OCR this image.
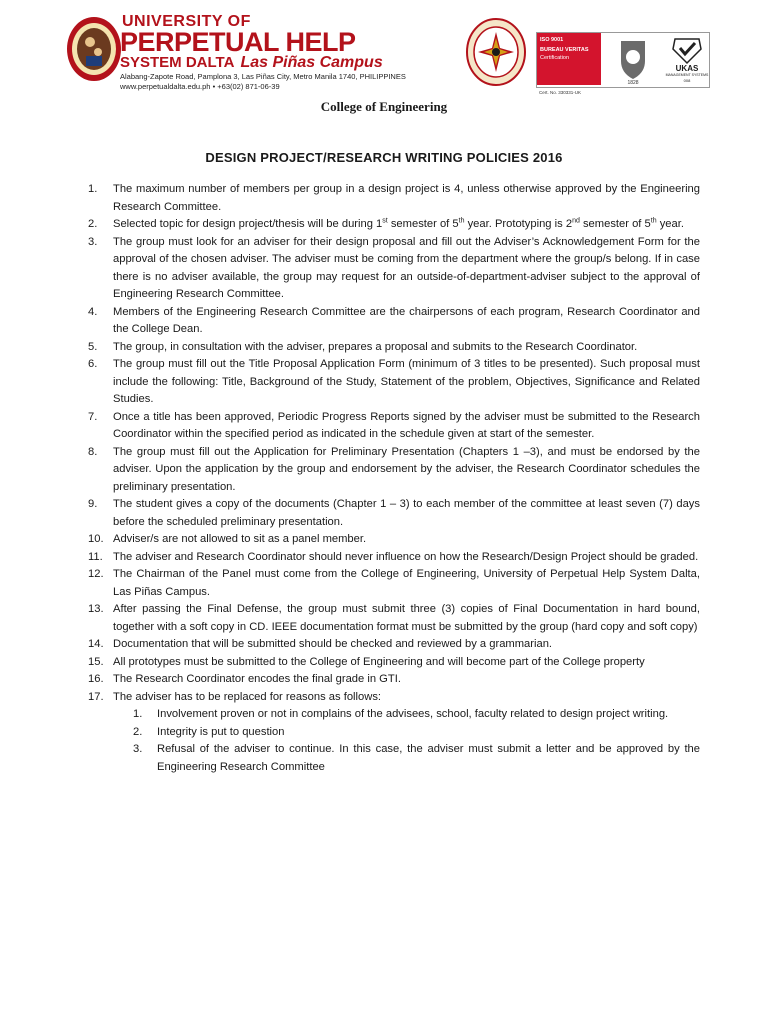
UNIVERSITY OF
PERPETUAL HELP
SYSTEM DALTA Las Piñas Campus
Alabang-Zapote Road, Pamplona 3, Las Piñas City, Metro Manila 1740, PHILIPPINES
www.perpetualdalta.edu.ph • +63(02) 871-06-39
ISO 9001
BUREAU VERITAS
Certification
Cert. No. 330331-UK
1828
UKAS
MANAGEMENT SYSTEMS
008
College of Engineering
DESIGN PROJECT/RESEARCH WRITING POLICIES 2016
1.	The maximum number of members per group in a design project is 4, unless otherwise approved by the Engineering Research Committee.
2.	Selected topic for design project/thesis will be during 1st semester of 5th year. Prototyping is 2nd semester of 5th year.
3.	The group must look for an adviser for their design proposal and fill out the Adviser’s Acknowledgement Form for the approval of the chosen adviser. The adviser must be coming from the department where the group/s belong. If in case there is no adviser available, the group may request for an outside-of-department-adviser subject to the approval of Engineering Research Committee.
4.	Members of the Engineering Research Committee are the chairpersons of each program, Research Coordinator and the College Dean.
5.	The group, in consultation with the adviser, prepares a proposal and submits to the Research Coordinator.
6.	The group must fill out the Title Proposal Application Form (minimum of 3 titles to be presented). Such proposal must include the following: Title, Background of the Study, Statement of the problem, Objectives, Significance and Related Studies.
7.	Once a title has been approved, Periodic Progress Reports signed by the adviser must be submitted to the Research Coordinator within the specified period as indicated in the schedule given at start of the semester.
8.	The group must fill out the Application for Preliminary Presentation (Chapters 1 –3), and must be endorsed by the adviser. Upon the application by the group and endorsement by the adviser, the Research Coordinator schedules the preliminary presentation.
9.	The student gives a copy of the documents (Chapter 1 – 3) to each member of the committee at least seven (7) days before the scheduled preliminary presentation.
10. Adviser/s are not allowed to sit as a panel member.
11. The adviser and Research Coordinator should never influence on how the Research/Design Project should be graded.
12. The Chairman of the Panel must come from the College of Engineering, University of Perpetual Help System Dalta, Las Piñas Campus.
13. After passing the Final Defense, the group must submit three (3) copies of Final Documentation in hard bound, together with a soft copy in CD. IEEE documentation format must be submitted by the group (hard copy and soft copy)
14. Documentation that will be submitted should be checked and reviewed by a grammarian.
15. All prototypes must be submitted to the College of Engineering and will become part of the College property
16. The Research Coordinator encodes the final grade in GTI.
17. The adviser has to be replaced for reasons as follows:
1.	Involvement proven or not in complains of the advisees, school, faculty related to design project writing.
2.	Integrity is put to question
3.	Refusal of the adviser to continue. In this case, the adviser must submit a letter and be approved by the Engineering Research Committee
